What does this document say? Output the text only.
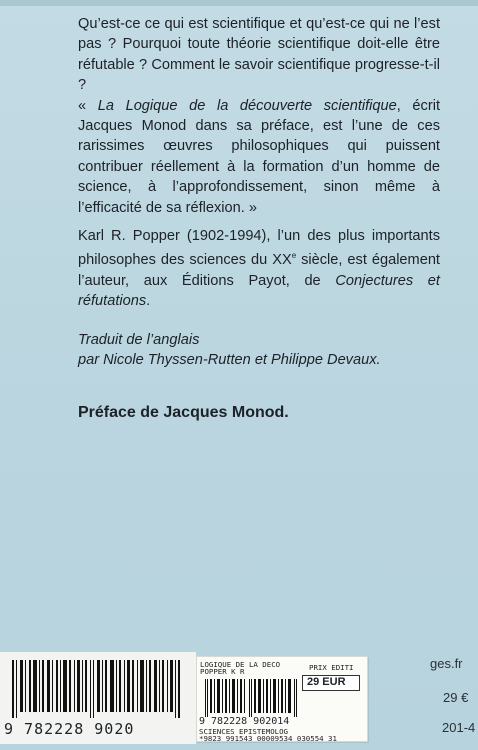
Qu’est-ce ce qui est scientifique et qu’est-ce qui ne l’est pas ? Pourquoi toute théorie scientifique doit-elle être réfutable ? Comment le savoir scientifique progresse-t-il ?

« La Logique de la découverte scientifique, écrit Jacques Monod dans sa préface, est l’une de ces rarissimes œuvres philosophiques qui puissent contribuer réellement à la formation d’un homme de science, à l’approfondissement, sinon même à l’efficacité de sa réflexion. »

Karl R. Popper (1902-1994), l’un des plus importants philosophes des sciences du XXe siècle, est également l’auteur, aux Éditions Payot, de Conjectures et réfutations.

Traduit de l’anglais
par Nicole Thyssen-Rutten et Philippe Devaux.
Préface de Jacques Monod.
9 782228 9020
LOGIQUE DE LA DECO
POPPER K R	PRIX EDITI
29 EUR
9 782228 902014
SCIENCES EPISTEMOLOG
*9823 991543 00009534 030554 31
ges.fr
29 €
201-4
